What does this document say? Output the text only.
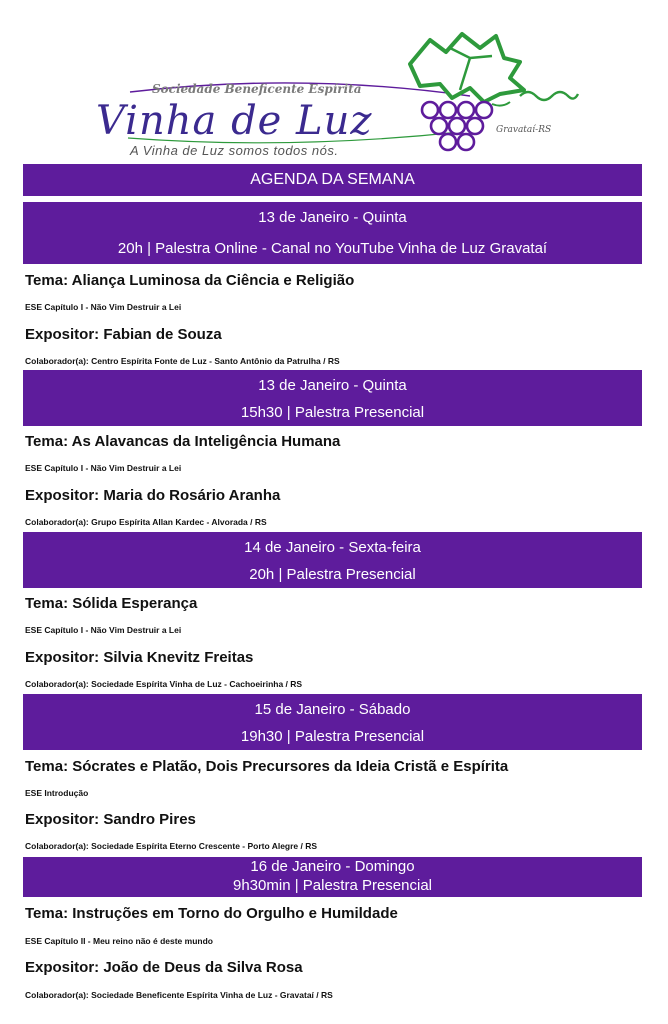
Sociedade Beneficente Espírita
Vinha de Luz	Gravataí-RS
A Vinha de Luz somos todos nós.
AGENDA DA SEMANA
13 de Janeiro - Quinta
20h | Palestra Online - Canal no YouTube Vinha de Luz Gravataí
Tema: Aliança Luminosa da Ciência e Religião
ESE Capítulo I - Não Vim Destruir a Lei
Expositor: Fabian de Souza
Colaborador(a): Centro Espírita Fonte de Luz - Santo Antônio da Patrulha / RS
13 de Janeiro - Quinta
15h30 | Palestra Presencial
Tema: As Alavancas da Inteligência Humana
ESE Capítulo I - Não Vim Destruir a Lei
Expositor: Maria do Rosário Aranha
Colaborador(a): Grupo Espírita Allan Kardec - Alvorada / RS
14 de Janeiro - Sexta-feira
20h | Palestra Presencial
Tema: Sólida Esperança
ESE Capítulo I - Não Vim Destruir a Lei
Expositor: Silvia Knevitz Freitas
Colaborador(a): Sociedade Espírita Vinha de Luz - Cachoeirinha / RS
15 de Janeiro - Sábado
19h30 | Palestra Presencial
Tema: Sócrates e Platão, Dois Precursores da Ideia Cristã e Espírita
ESE Introdução
Expositor: Sandro Pires
Colaborador(a): Sociedade Espírita Eterno Crescente - Porto Alegre / RS
16 de Janeiro - Domingo
9h30min | Palestra Presencial
Tema: Instruções em Torno do Orgulho e Humildade
ESE Capítulo II - Meu reino não é deste mundo
Expositor: João de Deus da Silva Rosa
Colaborador(a): Sociedade Beneficente Espírita Vinha de Luz - Gravataí / RS
